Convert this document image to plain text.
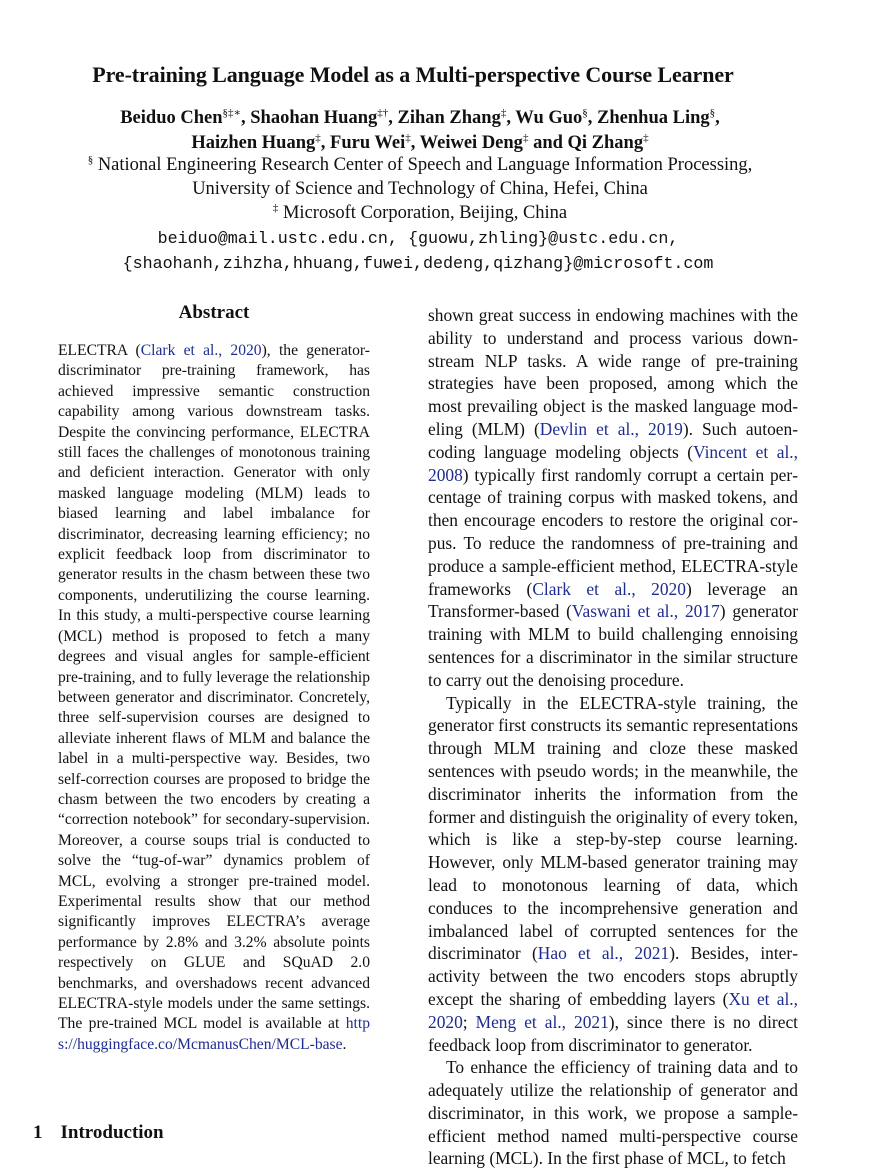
Pre-training Language Model as a Multi-perspective Course Learner
Beiduo Chen§‡∗, Shaohan Huang‡†, Zihan Zhang‡, Wu Guo§, Zhenhua Ling§,
Haizhen Huang‡, Furu Wei‡, Weiwei Deng‡ and Qi Zhang‡
§ National Engineering Research Center of Speech and Language Information Processing,
University of Science and Technology of China, Hefei, China
‡ Microsoft Corporation, Beijing, China
beiduo@mail.ustc.edu.cn, {guowu,zhling}@ustc.edu.cn,
{shaohanh,zihzha,hhuang,fuwei,dedeng,qizhang}@microsoft.com
Abstract
ELECTRA (Clark et al., 2020), the generator-discriminator pre-training framework, has achieved impressive semantic construction capability among various downstream tasks. Despite the convincing performance, ELECTRA still faces the challenges of monotonous training and deficient interaction. Generator with only masked language modeling (MLM) leads to biased learning and label imbalance for discriminator, decreasing learning efficiency; no explicit feedback loop from discriminator to generator results in the chasm between these two components, underutilizing the course learning. In this study, a multi-perspective course learning (MCL) method is proposed to fetch a many degrees and visual angles for sample-efficient pre-training, and to fully leverage the relationship between generator and discriminator. Concretely, three self-supervision courses are designed to alleviate inherent flaws of MLM and balance the label in a multi-perspective way. Besides, two self-correction courses are proposed to bridge the chasm between the two encoders by creating a “correction notebook” for secondary-supervision. Moreover, a course soups trial is conducted to solve the “tug-of-war” dynamics problem of MCL, evolving a stronger pre-trained model. Experimental results show that our method significantly improves ELECTRA’s average performance by 2.8% and 3.2% absolute points respectively on GLUE and SQuAD 2.0 benchmarks, and overshadows recent advanced ELECTRA-style models under the same settings. The pre-trained MCL model is available at https://huggingface.co/McmanusChen/MCL-base.
1 Introduction

shown great success in endowing machines with the ability to understand and process various downstream NLP tasks. A wide range of pre-training strategies have been proposed, among which the most prevailing object is the masked language modeling (MLM) (Devlin et al., 2019). Such autoencoding language modeling objects (Vincent et al., 2008) typically first randomly corrupt a certain percentage of training corpus with masked tokens, and then encourage encoders to restore the original corpus. To reduce the randomness of pre-training and produce a sample-efficient method, ELECTRA-style frameworks (Clark et al., 2020) leverage an Transformer-based (Vaswani et al., 2017) generator training with MLM to build challenging ennoising sentences for a discriminator in the similar structure to carry out the denoising procedure.

Typically in the ELECTRA-style training, the generator first constructs its semantic representations through MLM training and cloze these masked sentences with pseudo words; in the meanwhile, the discriminator inherits the information from the former and distinguish the originality of every token, which is like a step-by-step course learning. However, only MLM-based generator training may lead to monotonous learning of data, which conduces to the incomprehensive generation and imbalanced label of corrupted sentences for the discriminator (Hao et al., 2021). Besides, interactivity between the two encoders stops abruptly except the sharing of embedding layers (Xu et al., 2020; Meng et al., 2021), since there is no direct feedback loop from discriminator to generator.

To enhance the efficiency of training data and to adequately utilize the relationship of generator and discriminator, in this work, we propose a sample-efficient method named multi-perspective course learning (MCL). In the first phase of MCL, to fetch
